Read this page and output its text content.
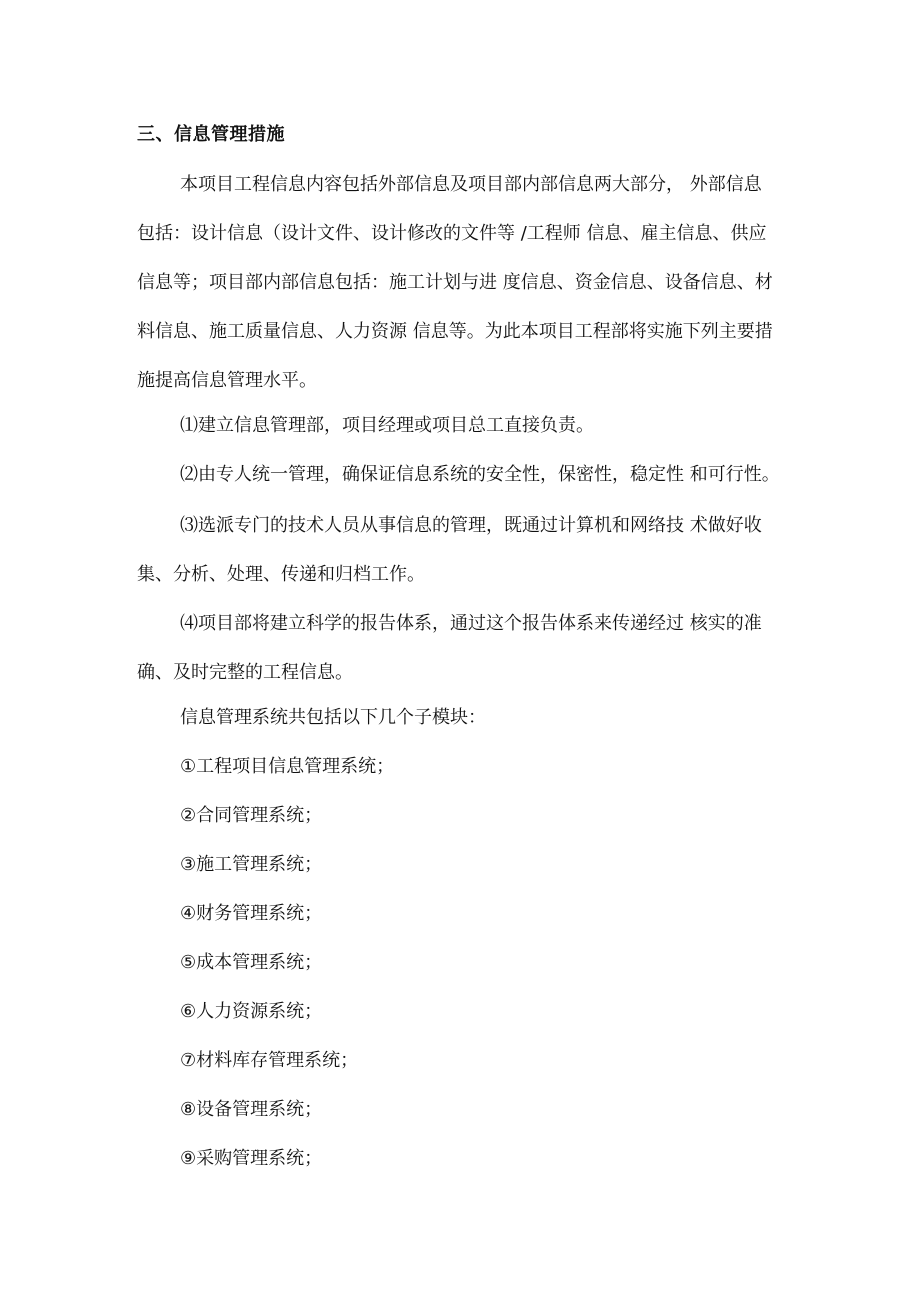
三、信息管理措施
本项目工程信息内容包括外部信息及项目部内部信息两大部分， 外部信息
包括：设计信息（设计文件、设计修改的文件等 /工程师 信息、雇主信息、供应
信息等；项目部内部信息包括：施工计划与进 度信息、资金信息、设备信息、材
料信息、施工质量信息、人力资源 信息等。为此本项目工程部将实施下列主要措
施提高信息管理水平。
⑴建立信息管理部，项目经理或项目总工直接负责。
⑵由专人统一管理，确保证信息系统的安全性，保密性，稳定性 和可行性。
⑶选派专门的技术人员从事信息的管理，既通过计算机和网络技 术做好收
集、分析、处理、传递和归档工作。
⑷项目部将建立科学的报告体系，通过这个报告体系来传递经过 核实的准
确、及时完整的工程信息。
信息管理系统共包括以下几个子模块：
①工程项目信息管理系统；
②合同管理系统；
③施工管理系统；
④财务管理系统；
⑤成本管理系统；
⑥人力资源系统；
⑦材料库存管理系统；
⑧设备管理系统；
⑨采购管理系统；
